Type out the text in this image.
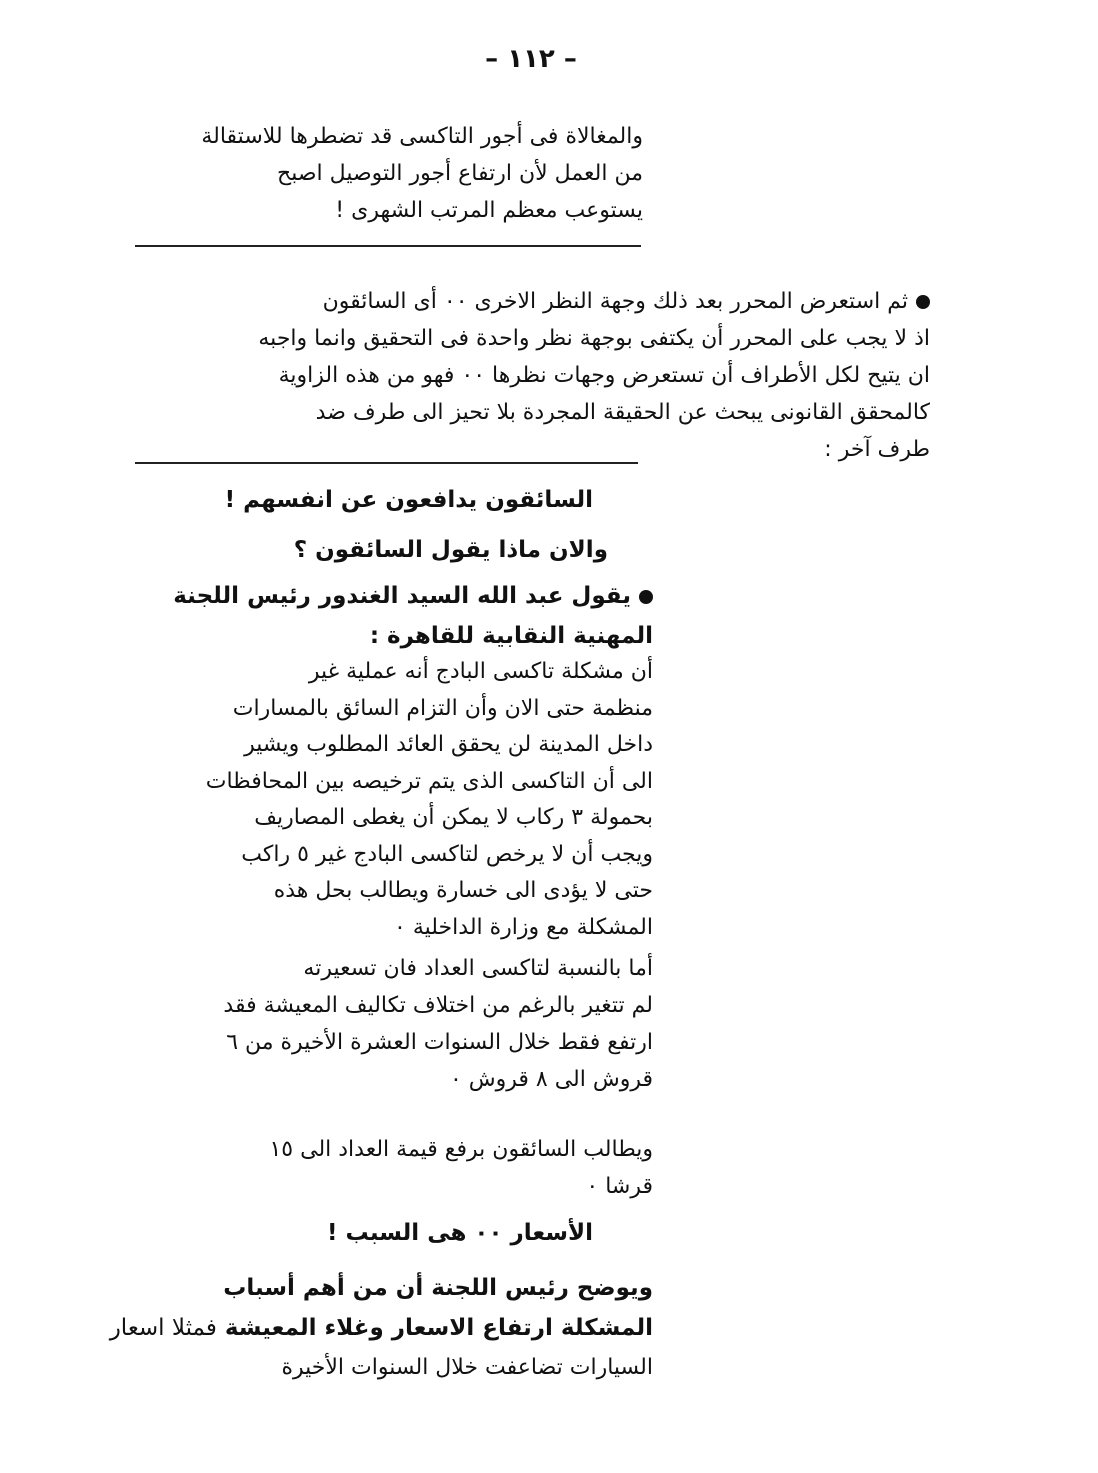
– ١١٢ –
والمغالاة فى أجور التاكسى قد تضطرها للاستقالة
من العمل لأن ارتفاع أجور التوصيل اصبح
يستوعب معظم المرتب الشهرى !
ثم استعرض المحرر بعد ذلك وجهة النظر الاخرى ٠٠ أى السائقون
اذ لا يجب على المحرر أن يكتفى بوجهة نظر واحدة فى التحقيق وانما واجبه
ان يتيح لكل الأطراف أن تستعرض وجهات نظرها ٠٠ فهو من هذه الزاوية
كالمحقق القانونى يبحث عن الحقيقة المجردة بلا تحيز الى طرف ضد
طرف آخر :
السائقون يدافعون عن انفسهم !
والان ماذا يقول السائقون ؟
يقول عبد الله السيد الغندور رئيس اللجنة
المهنية النقابية للقاهرة :
أن مشكلة تاكسى البادج أنه عملية غير
منظمة حتى الان وأن التزام السائق بالمسارات
داخل المدينة لن يحقق العائد المطلوب ويشير
الى أن التاكسى الذى يتم ترخيصه بين المحافظات
بحمولة ٣ ركاب لا يمكن أن يغطى المصاريف
ويجب أن لا يرخص لتاكسى البادج غير ٥ راكب
حتى لا يؤدى الى خسارة ويطالب بحل هذه
المشكلة مع وزارة الداخلية ٠
أما بالنسبة لتاكسى العداد فان تسعيرته
لم تتغير بالرغم من اختلاف تكاليف المعيشة فقد
ارتفع فقط خلال السنوات العشرة الأخيرة من ٦
قروش الى ٨ قروش ٠
ويطالب السائقون برفع قيمة العداد الى ١٥
قرشا ٠
الأسعار ٠٠ هى السبب !
ويوضح رئيس اللجنة أن من أهم أسباب
المشكلة ارتفاع الاسعار وغلاء المعيشة فمثلا اسعار
السيارات تضاعفت خلال السنوات الأخيرة
